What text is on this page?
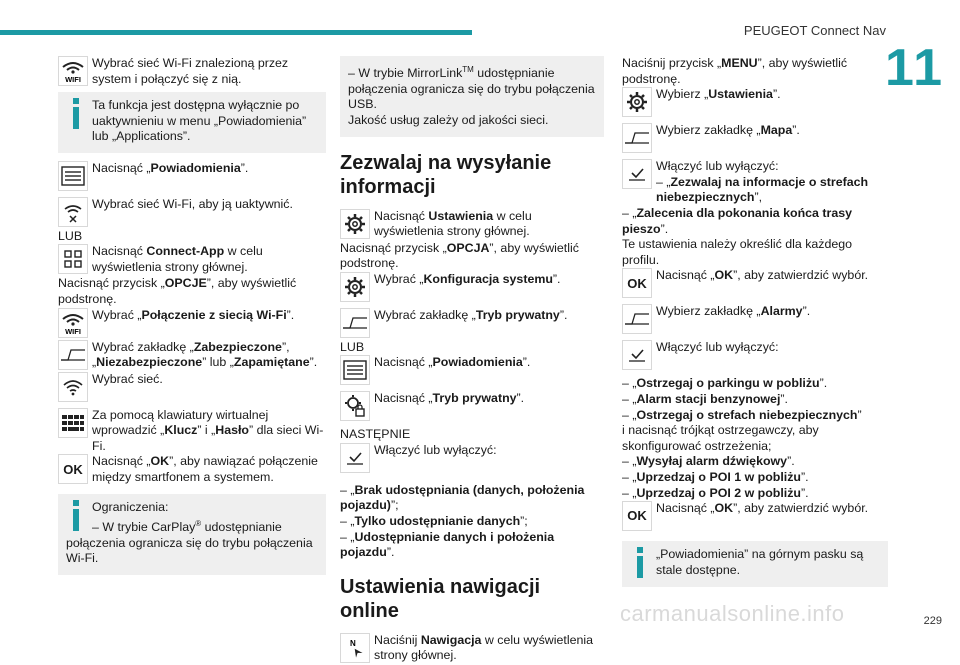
PEUGEOT Connect Nav
11
WIFI
Wybrać sieć Wi-Fi znalezioną przez system i połączyć się z nią.
Ta funkcja jest dostępna wyłącznie po uaktywnieniu w menu „Powiadomienia” lub „Applications”.
Nacisnąć „Powiadomienia”.
Wybrać sieć Wi-Fi, aby ją uaktywnić.

LUB

Nacisnąć Connect-App w celu wyświetlenia strony głównej.

Nacisnąć przycisk „OPCJE”, aby wyświetlić podstronę.

WIFI
Wybrać „Połączenie z siecią Wi-Fi”.
Wybrać zakładkę „Zabezpieczone”, „Niezabezpieczone” lub „Zapamiętane”.
Wybrać sieć.
Za pomocą klawiatury wirtualnej wprowadzić „Klucz” i „Hasło” dla sieci Wi-Fi.
OK
Nacisnąć „OK”, aby nawiązać połączenie między smartfonem a systemem.
Ograniczenia:
– W trybie CarPlay® udostępnianie połączenia ogranicza się do trybu połączenia Wi-Fi.
– W trybie MirrorLink™ udostępnianie połączenia ogranicza się do trybu połączenia USB.
Jakość usług zależy od jakości sieci.
Zezwalaj na wysyłanie informacji
Nacisnąć Ustawienia w celu wyświetlenia strony głównej.

Nacisnąć przycisk „OPCJA”, aby wyświetlić podstronę.

Wybrać „Konfiguracja systemu”.
Wybrać zakładkę „Tryb prywatny”.

LUB

Nacisnąć „Powiadomienia”.
Nacisnąć „Tryb prywatny”.

NASTĘPNIE

Włączyć lub wyłączyć:

– „Brak udostępniania (danych, położenia pojazdu)”;

– „Tylko udostępnianie danych”;

– „Udostępnianie danych i położenia pojazdu”.

Ustawienia nawigacji online
N	Naciśnij Nawigacja w celu wyświetlenia strony głównej.

Naciśnij przycisk „MENU”, aby wyświetlić podstronę.

Wybierz „Ustawienia”.
Wybierz zakładkę „Mapa”.
Włączyć lub wyłączyć:
– „Zezwalaj na informacje o strefach niebezpiecznych”,

– „Zalecenia dla pokonania końca trasy pieszo”.

Te ustawienia należy określić dla każdego profilu.

OK
Nacisnąć „OK”, aby zatwierdzić wybór.
Wybierz zakładkę „Alarmy”.
Włączyć lub wyłączyć:

– „Ostrzegaj o parkingu w pobliżu”.

– „Alarm stacji benzynowej”.

– „Ostrzegaj o strefach niebezpiecznych”

i nacisnąć trójkąt ostrzegawczy, aby skonfigurować ostrzeżenia;

– „Wysyłaj alarm dźwiękowy”.

– „Uprzedzaj o POI 1 w pobliżu”.

– „Uprzedzaj o POI 2 w pobliżu”.

OK
Nacisnąć „OK”, aby zatwierdzić wybór.
„Powiadomienia” na górnym pasku są stale dostępne.
carmanualsonline.info	229
